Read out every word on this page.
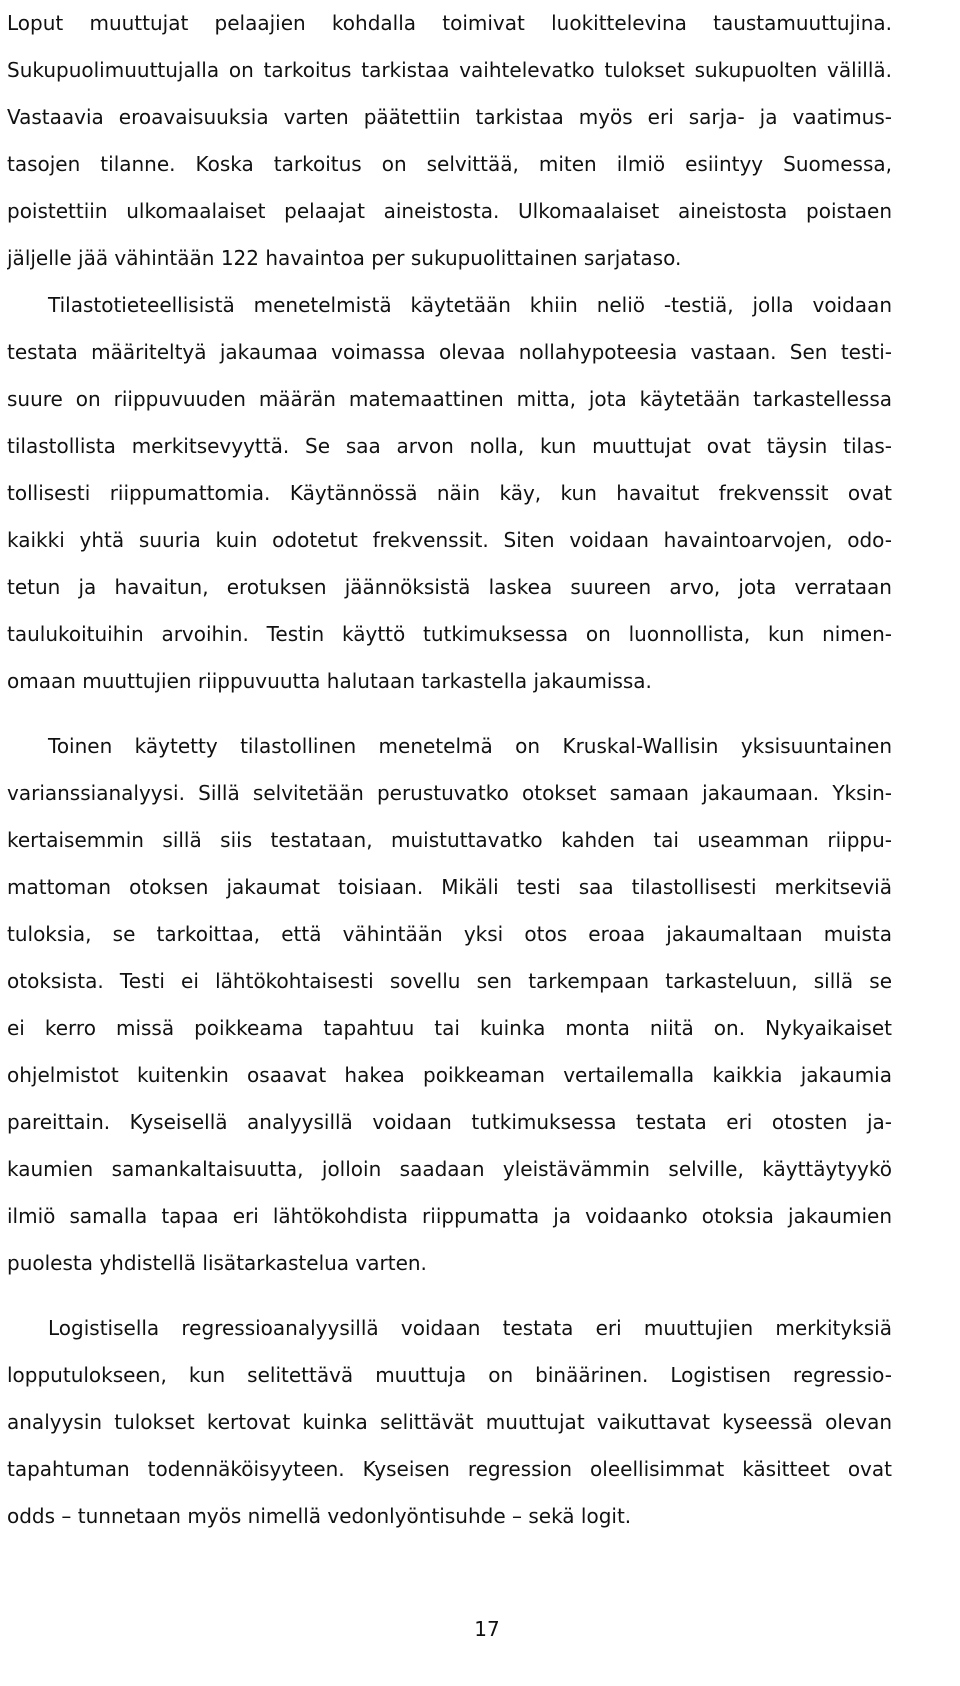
Loput muuttujat pelaajien kohdalla toimivat luokittelevina taustamuuttujina.
Sukupuolimuuttujalla on tarkoitus tarkistaa vaihtelevatko tulokset sukupuolten välillä.
Vastaavia eroavaisuuksia varten päätettiin tarkistaa myös eri sarja- ja vaatimus-
tasojen tilanne. Koska tarkoitus on selvittää, miten ilmiö esiintyy Suomessa,
poistettiin ulkomaalaiset pelaajat aineistosta. Ulkomaalaiset aineistosta poistaen
jäljelle jää vähintään 122 havaintoa per sukupuolittainen sarjataso.
Tilastotieteellisistä menetelmistä käytetään khiin neliö -testiä, jolla voidaan
testata määriteltyä jakaumaa voimassa olevaa nollahypoteesia vastaan. Sen testi-
suure on riippuvuuden määrän matemaattinen mitta, jota käytetään tarkastellessa
tilastollista merkitsevyyttä. Se saa arvon nolla, kun muuttujat ovat täysin tilas-
tollisesti riippumattomia. Käytännössä näin käy, kun havaitut frekvenssit ovat
kaikki yhtä suuria kuin odotetut frekvenssit. Siten voidaan havaintoarvojen, odo-
tetun ja havaitun, erotuksen jäännöksistä laskea suureen arvo, jota verrataan
taulukoituihin arvoihin. Testin käyttö tutkimuksessa on luonnollista, kun nimen-
omaan muuttujien riippuvuutta halutaan tarkastella jakaumissa.
Toinen käytetty tilastollinen menetelmä on Kruskal-Wallisin yksisuuntainen
varianssianalyysi. Sillä selvitetään perustuvatko otokset samaan jakaumaan. Yksin-
kertaisemmin sillä siis testataan, muistuttavatko kahden tai useamman riippu-
mattoman otoksen jakaumat toisiaan. Mikäli testi saa tilastollisesti merkitseviä
tuloksia, se tarkoittaa, että vähintään yksi otos eroaa jakaumaltaan muista
otoksista. Testi ei lähtökohtaisesti sovellu sen tarkempaan tarkasteluun, sillä se
ei kerro missä poikkeama tapahtuu tai kuinka monta niitä on. Nykyaikaiset
ohjelmistot kuitenkin osaavat hakea poikkeaman vertailemalla kaikkia jakaumia
pareittain. Kyseisellä analyysillä voidaan tutkimuksessa testata eri otosten ja-
kaumien samankaltaisuutta, jolloin saadaan yleistävämmin selville, käyttäytyykö
ilmiö samalla tapaa eri lähtökohdista riippumatta ja voidaanko otoksia jakaumien
puolesta yhdistellä lisätarkastelua varten.
Logistisella regressioanalyysillä voidaan testata eri muuttujien merkityksiä
lopputulokseen, kun selitettävä muuttuja on binäärinen. Logistisen regressio-
analyysin tulokset kertovat kuinka selittävät muuttujat vaikuttavat kyseessä olevan
tapahtuman todennäköisyyteen. Kyseisen regression oleellisimmat käsitteet ovat
odds – tunnetaan myös nimellä vedonlyöntisuhde – sekä logit.
17
